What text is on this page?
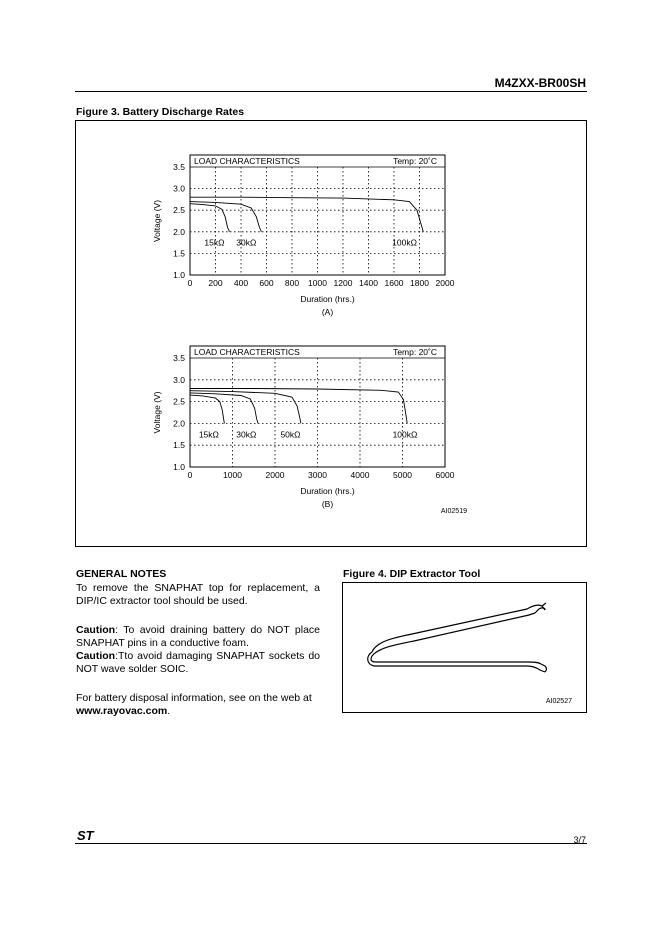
M4ZXX-BR00SH
Figure 3. Battery Discharge Rates
0 200 400 600 800 1000 1200 1400 1600 1800 2000
1.0
1.5
2.0
2.5
3.0
3.5
LOAD CHARACTERISTICS	Temp: 20˚C
Duration (hrs.)
(A)
Voltage (V)
15kΩ 30kΩ	100kΩ
0	1000	2000	3000	4000	5000	6000
1.0
1.5
2.0
2.5
3.0
3.5
LOAD CHARACTERISTICS	Temp: 20˚C
Duration (hrs.)
(B)
Voltage (V)
15kΩ 30kΩ	50kΩ	100kΩ
AI02519
GENERAL NOTES
To remove the SNAPHAT top for replacement, a DIP/IC extractor tool should be used.
Caution: To avoid draining battery do NOT place SNAPHAT pins in a conductive foam.
Caution:Tto avoid damaging SNAPHAT sockets do NOT wave solder SOIC.
For battery disposal information, see on the web at
www.rayovac.com.
Figure 4. DIP Extractor Tool
AI02527
ST	3/7
